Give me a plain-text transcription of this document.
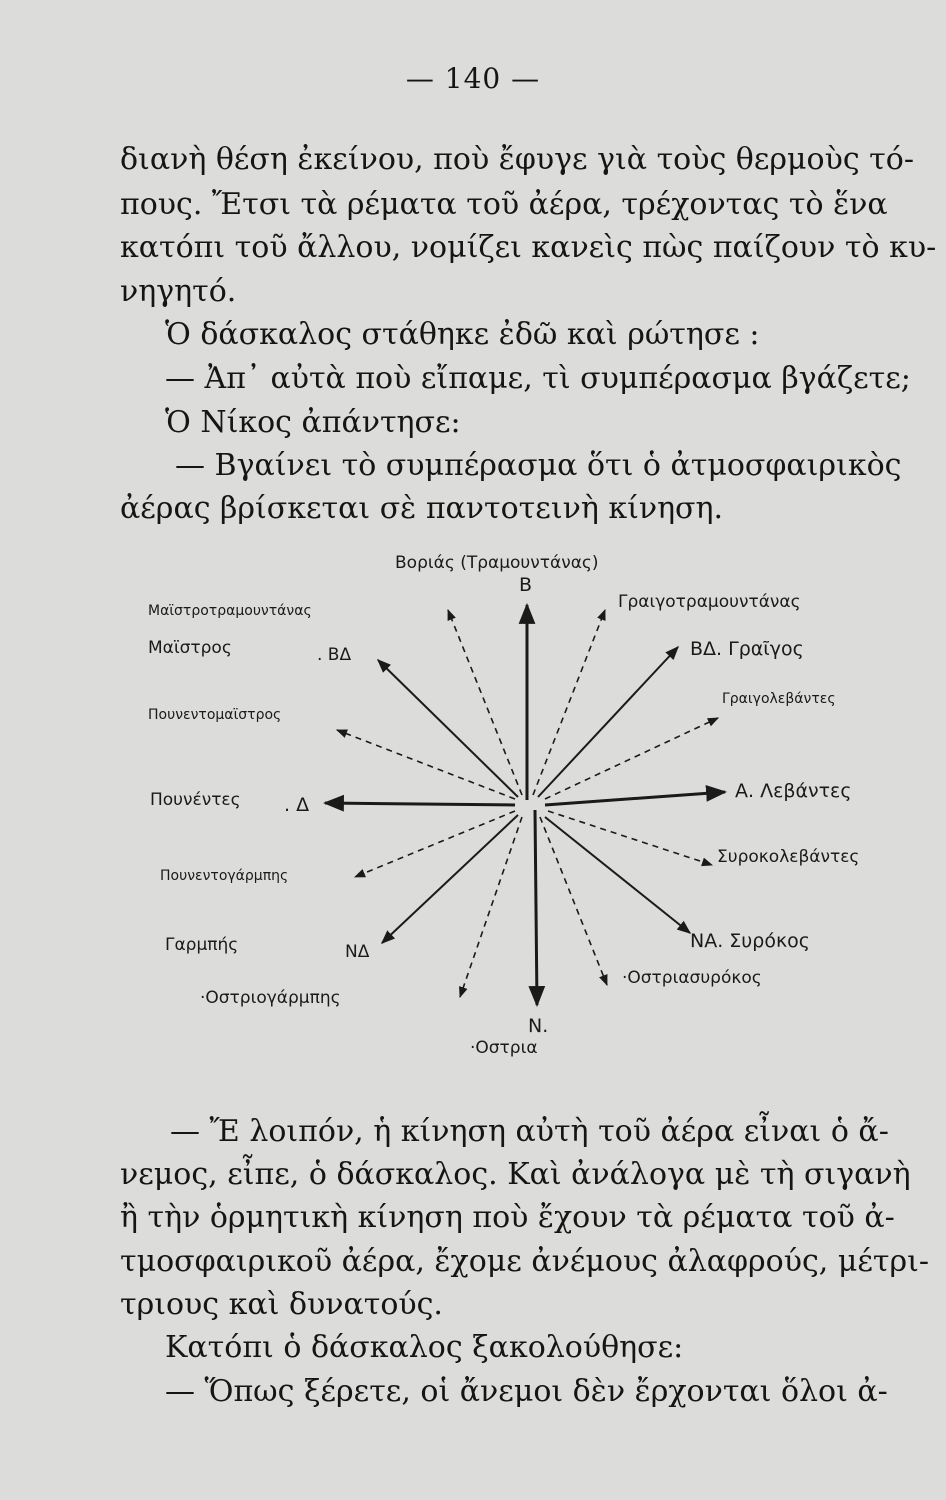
— 140 —
διανὴ θέση ἐκείνου, ποὺ ἔφυγε γιὰ τοὺς θερμοὺς τό-
πους. Ἔτσι τὰ ρέματα τοῦ ἀέρα, τρέχοντας τὸ ἕνα
κατόπι τοῦ ἄλλου, νομίζει κανεὶς πὼς παίζουν τὸ κυ-
νηγητό.
Ὁ δάσκαλος στάθηκε ἐδῶ καὶ ρώτησε :
— Ἀπ᾿ αὐτὰ ποὺ εἴπαμε, τὶ συμπέρασμα βγάζετε;
Ὁ Νίκος ἀπάντησε:
— Βγαίνει τὸ συμπέρασμα ὅτι ὁ ἀτμοσφαιρικὸς
ἀέρας βρίσκεται σὲ παντοτεινὴ κίνηση.
Βοριάς (Τραμουντάνας)
Β
Μαϊστροτραμουντάνας
Μαϊστρος	. ΒΔ
Γραιγοτραμουντάνας
ΒΔ. Γραῖγος
Γραιγολεβάντες
Πουνεντομαϊστρος
Πουνέντες . Δ
Α. Λεβάντες
Συροκολεβάντες
Πουνεντογάρμπης
Γαρμπής	ΝΔ	ΝΑ. Συρόκος
·Οστριασυρόκος
·Οστριογάρμπης
Ν.
·Οστρια
— Ἔ λοιπόν, ἡ κίνηση αὐτὴ τοῦ ἀέρα εἶναι ὁ ἄ-
νεμος, εἶπε, ὁ δάσκαλος. Καὶ ἀνάλογα μὲ τὴ σιγανὴ
ἢ τὴν ὁρμητικὴ κίνηση ποὺ ἔχουν τὰ ρέματα τοῦ ἀ-
τμοσφαιρικοῦ ἀέρα, ἔχομε ἀνέμους ἀλαφρούς, μέτρι-
τριους καὶ δυνατούς.
Κατόπι ὁ δάσκαλος ξακολούθησε:
— Ὅπως ξέρετε, οἱ ἄνεμοι δὲν ἔρχονται ὅλοι ἀ-
